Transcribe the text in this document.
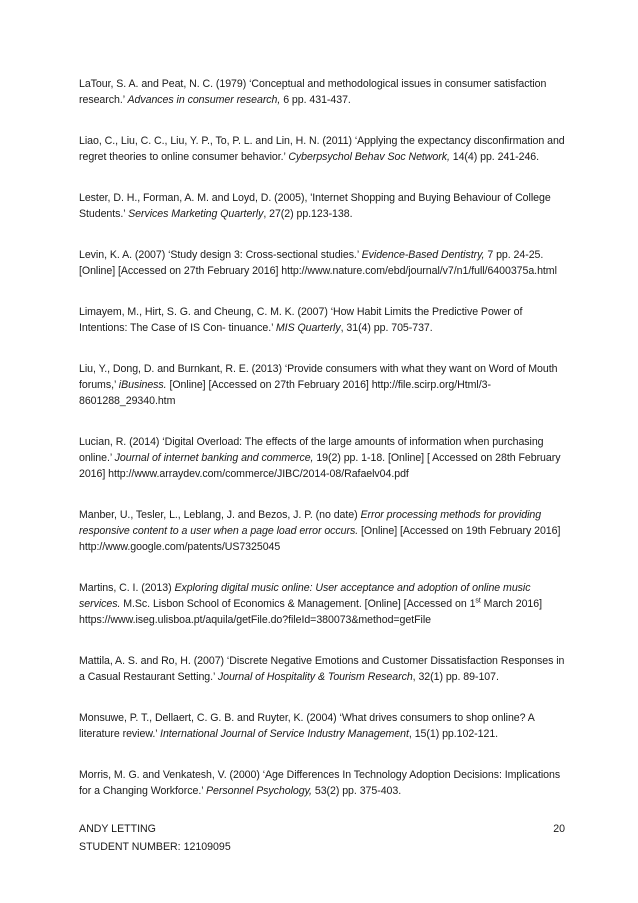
LaTour, S. A. and Peat, N. C. (1979) ‘Conceptual and methodological issues in consumer satisfaction research.’ Advances in consumer research, 6 pp. 431-437.

Liao, C., Liu, C. C., Liu, Y. P., To, P. L. and Lin, H. N. (2011) ‘Applying the expectancy disconfirmation and regret theories to online consumer behavior.’ Cyberpsychol Behav Soc Network, 14(4) pp. 241-246.

Lester, D. H., Forman, A. M. and Loyd, D. (2005), 'Internet Shopping and Buying Behaviour of College Students.’ Services Marketing Quarterly, 27(2) pp.123-138.

Levin, K. A. (2007) ‘Study design 3: Cross-sectional studies.’ Evidence-Based Dentistry, 7 pp. 24-25. [Online] [Accessed on 27th February 2016] http://www.nature.com/ebd/journal/v7/n1/full/6400375a.html

Limayem, M., Hirt, S. G. and Cheung, C. M. K. (2007) ‘How Habit Limits the Predictive Power of Intentions: The Case of IS Con- tinuance.’ MIS Quarterly, 31(4) pp. 705-737.

Liu, Y., Dong, D. and Burnkant, R. E. (2013) ‘Provide consumers with what they want on Word of Mouth forums,’ iBusiness. [Online] [Accessed on 27th February 2016] http://file.scirp.org/Html/3-8601288_29340.htm

Lucian, R. (2014) ‘Digital Overload: The effects of the large amounts of information when purchasing online.’ Journal of internet banking and commerce, 19(2) pp. 1-18. [Online] [ Accessed on 28th February 2016] http://www.arraydev.com/commerce/JIBC/2014-08/Rafaelv04.pdf

Manber, U., Tesler, L., Leblang, J. and Bezos, J. P. (no date) Error processing methods for providing responsive content to a user when a page load error occurs. [Online] [Accessed on 19th February 2016] http://www.google.com/patents/US7325045

Martins, C. I. (2013) Exploring digital music online: User acceptance and adoption of online music services. M.Sc. Lisbon School of Economics & Management. [Online] [Accessed on 1st March 2016] https://www.iseg.ulisboa.pt/aquila/getFile.do?fileId=380073&method=getFile

Mattila, A. S. and Ro, H. (2007) ‘Discrete Negative Emotions and Customer Dissatisfaction Responses in a Casual Restaurant Setting.’ Journal of Hospitality & Tourism Research, 32(1) pp. 89-107.

Monsuwe, P. T., Dellaert, C. G. B. and Ruyter, K. (2004) ‘What drives consumers to shop online? A literature review.’ International Journal of Service Industry Management, 15(1) pp.102-121.

Morris, M. G. and Venkatesh, V. (2000) ‘Age Differences In Technology Adoption Decisions: Implications for a Changing Workforce.’ Personnel Psychology, 53(2) pp. 375-403.

ANDY LETTING	20
STUDENT NUMBER: 12109095
